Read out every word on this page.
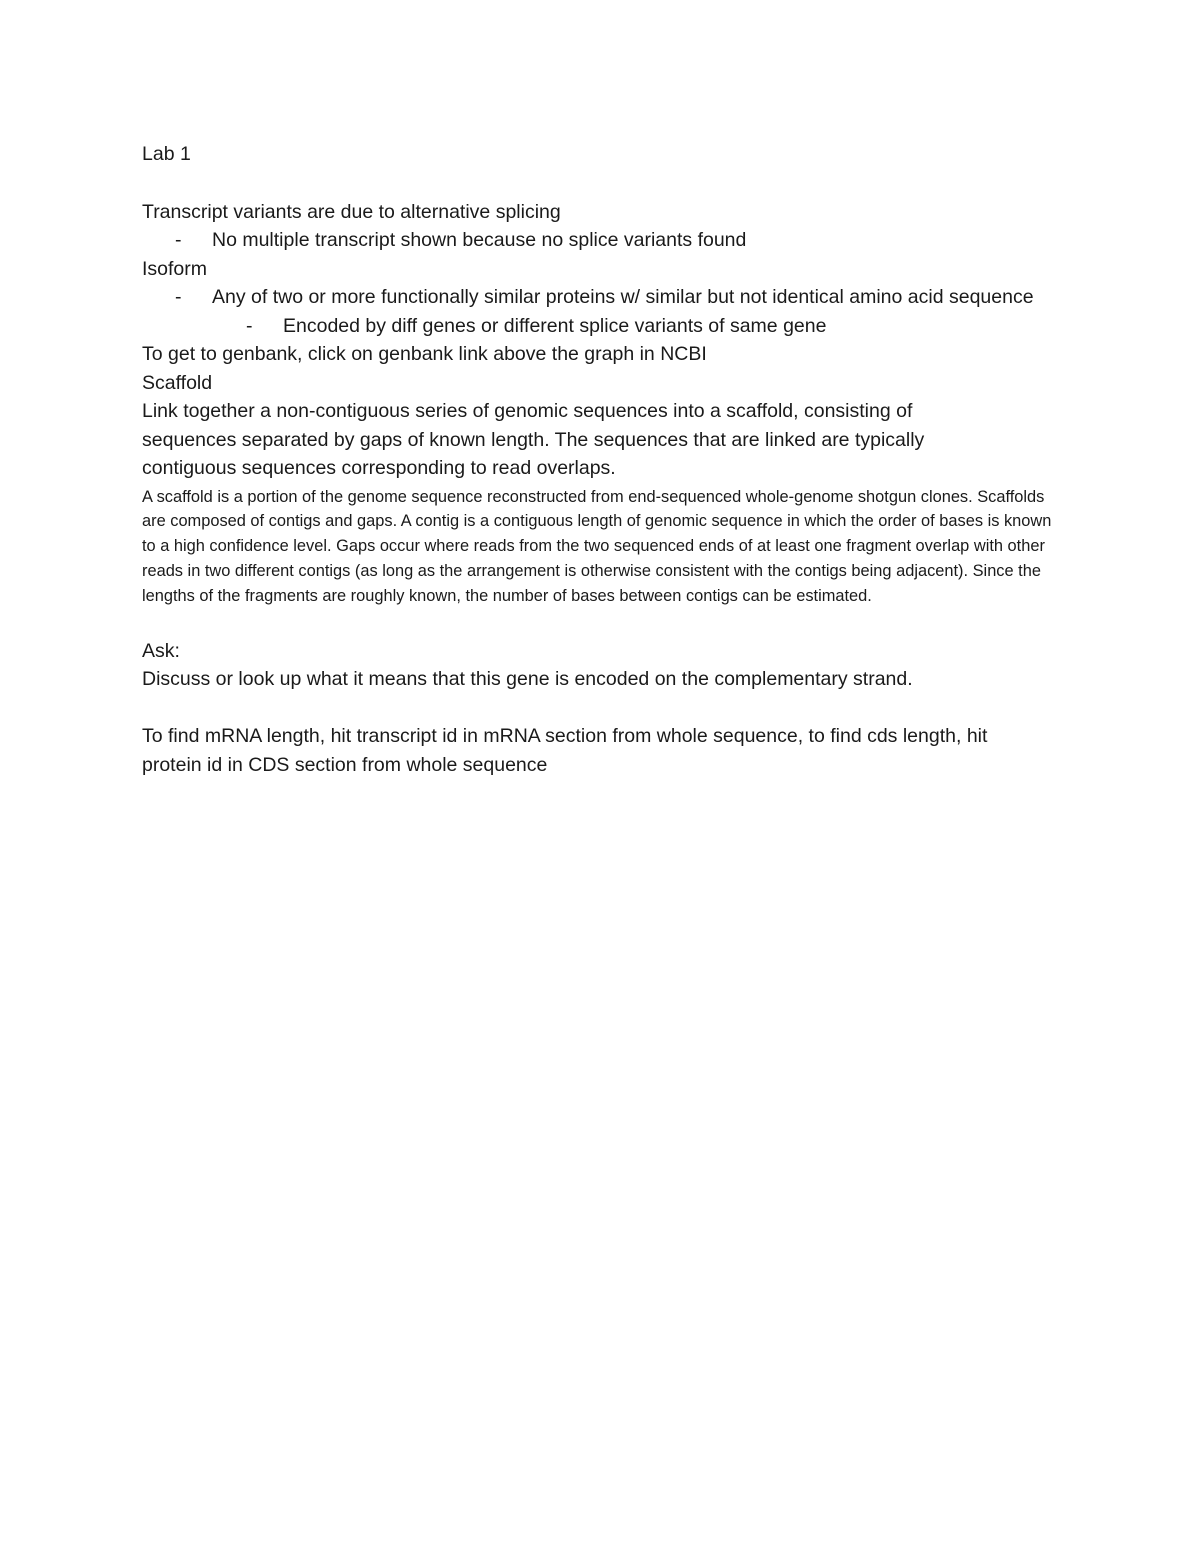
Lab 1
Transcript variants are due to alternative splicing
- No multiple transcript shown because no splice variants found
Isoform
- Any of two or more functionally similar proteins w/ similar but not identical amino acid sequence
- Encoded by diff genes or different splice variants of same gene
To get to genbank, click on genbank link above the graph in NCBI
Scaffold
Link together a non-contiguous series of genomic sequences into a scaffold, consisting of sequences separated by gaps of known length. The sequences that are linked are typically contiguous sequences corresponding to read overlaps.
A scaffold is a portion of the genome sequence reconstructed from end-sequenced whole-genome shotgun clones. Scaffolds are composed of contigs and gaps. A contig is a contiguous length of genomic sequence in which the order of bases is known to a high confidence level. Gaps occur where reads from the two sequenced ends of at least one fragment overlap with other reads in two different contigs (as long as the arrangement is otherwise consistent with the contigs being adjacent). Since the lengths of the fragments are roughly known, the number of bases between contigs can be estimated.
Ask:
Discuss or look up what it means that this gene is encoded on the complementary strand.
To find mRNA length, hit transcript id in mRNA section from whole sequence, to find cds length, hit protein id in CDS section from whole sequence
